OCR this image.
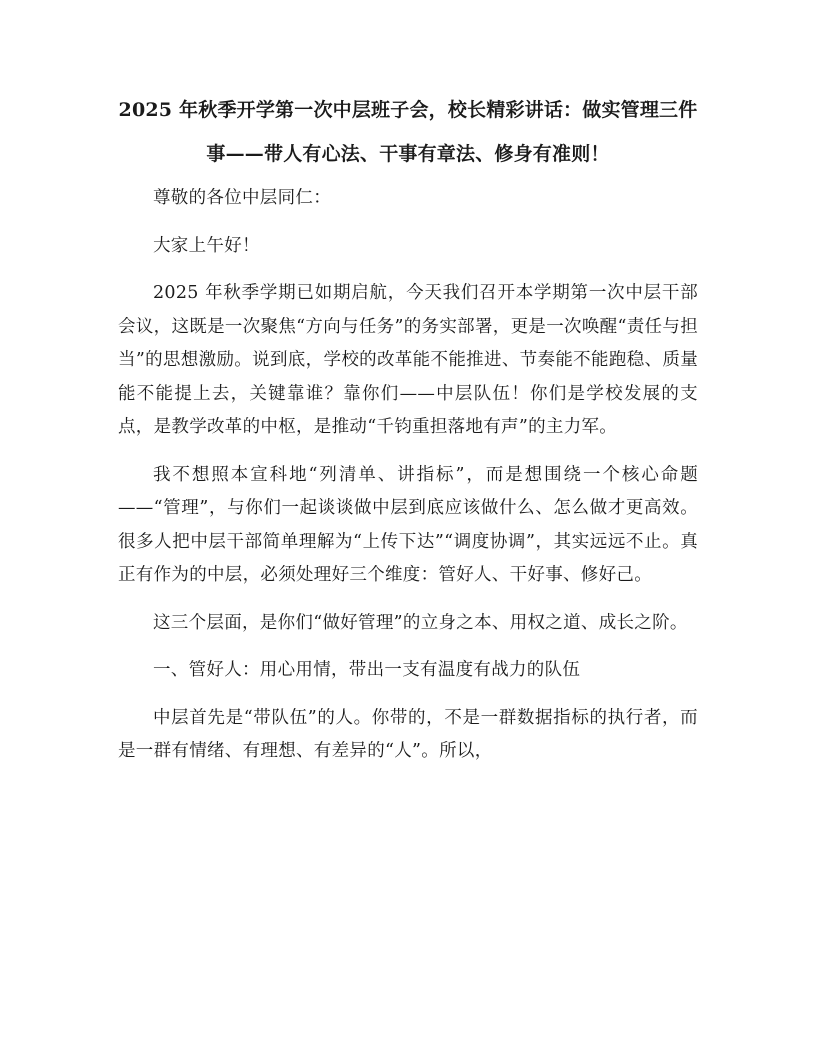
2025 年秋季开学第一次中层班子会，校长精彩讲话：做实管理三件事——带人有心法、干事有章法、修身有准则！

尊敬的各位中层同仁：

大家上午好！

2025 年秋季学期已如期启航，今天我们召开本学期第一次中层干部会议，这既是一次聚焦“方向与任务”的务实部署，更是一次唤醒“责任与担当”的思想激励。说到底，学校的改革能不能推进、节奏能不能跑稳、质量能不能提上去，关键靠谁？靠你们——中层队伍！你们是学校发展的支点，是教学改革的中枢，是推动“千钧重担落地有声”的主力军。

我不想照本宣科地“列清单、讲指标”，而是想围绕一个核心命题——“管理”，与你们一起谈谈做中层到底应该做什么、怎么做才更高效。很多人把中层干部简单理解为“上传下达”“调度协调”，其实远远不止。真正有作为的中层，必须处理好三个维度：管好人、干好事、修好己。

这三个层面，是你们“做好管理”的立身之本、用权之道、成长之阶。

一、管好人：用心用情，带出一支有温度有战力的队伍

中层首先是“带队伍”的人。你带的，不是一群数据指标的执行者，而是一群有情绪、有理想、有差异的“人”。所以，
